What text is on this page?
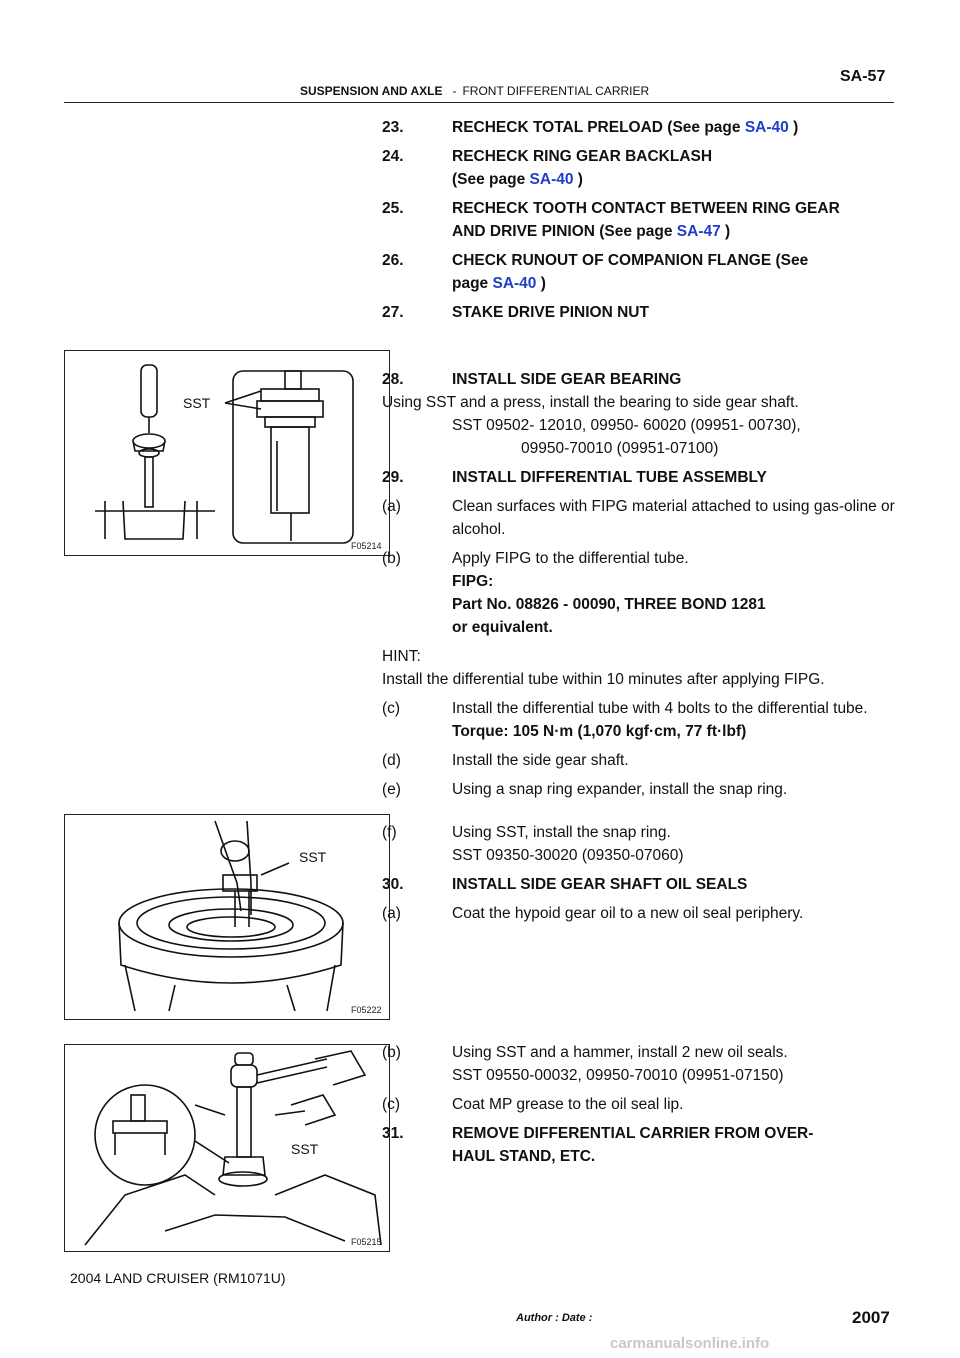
SA-57
SUSPENSION AND AXLE - FRONT DIFFERENTIAL CARRIER
SST
F05214
SST
F05222
SST
F05215

23.	RECHECK TOTAL PRELOAD (See page SA-40 )

24.	RECHECK RING GEAR BACKLASH

(See page SA-40 )

25.	RECHECK TOOTH CONTACT BETWEEN RING GEAR

AND DRIVE PINION (See page SA-47 )

26.	CHECK RUNOUT OF COMPANION FLANGE (See

page SA-40 )

27.	STAKE DRIVE PINION NUT

28.	INSTALL SIDE GEAR BEARING

Using SST and a press, install the bearing to side gear shaft.

SST 09502- 12010, 09950- 60020 (09951- 00730),

09950-70010 (09951-07100)

29.	INSTALL DIFFERENTIAL TUBE ASSEMBLY

(a)	Clean surfaces with FIPG material attached to using gas-oline or alcohol.

(b)	Apply FIPG to the differential tube.

FIPG:

Part No. 08826 - 00090, THREE BOND 1281

or equivalent.

HINT:

Install the differential tube within 10 minutes after applying FIPG.

(c)	Install the differential tube with 4 bolts to the differential tube.

Torque: 105 N·m (1,070 kgf·cm, 77 ft·lbf)

(d)	Install the side gear shaft.

(e)	Using a snap ring expander, install the snap ring.

(f)	Using SST, install the snap ring.

SST 09350-30020 (09350-07060)

30.	INSTALL SIDE GEAR SHAFT OIL SEALS

(a)	Coat the hypoid gear oil to a new oil seal periphery.

(b)	Using SST and a hammer, install 2 new oil seals.

SST 09550-00032, 09950-70010 (09951-07150)

(c)	Coat MP grease to the oil seal lip.

31.	REMOVE DIFFERENTIAL CARRIER FROM OVER-

HAUL STAND, ETC.

2004 LAND CRUISER (RM1071U)
Author : Date :	2007
carmanualsonline.info
